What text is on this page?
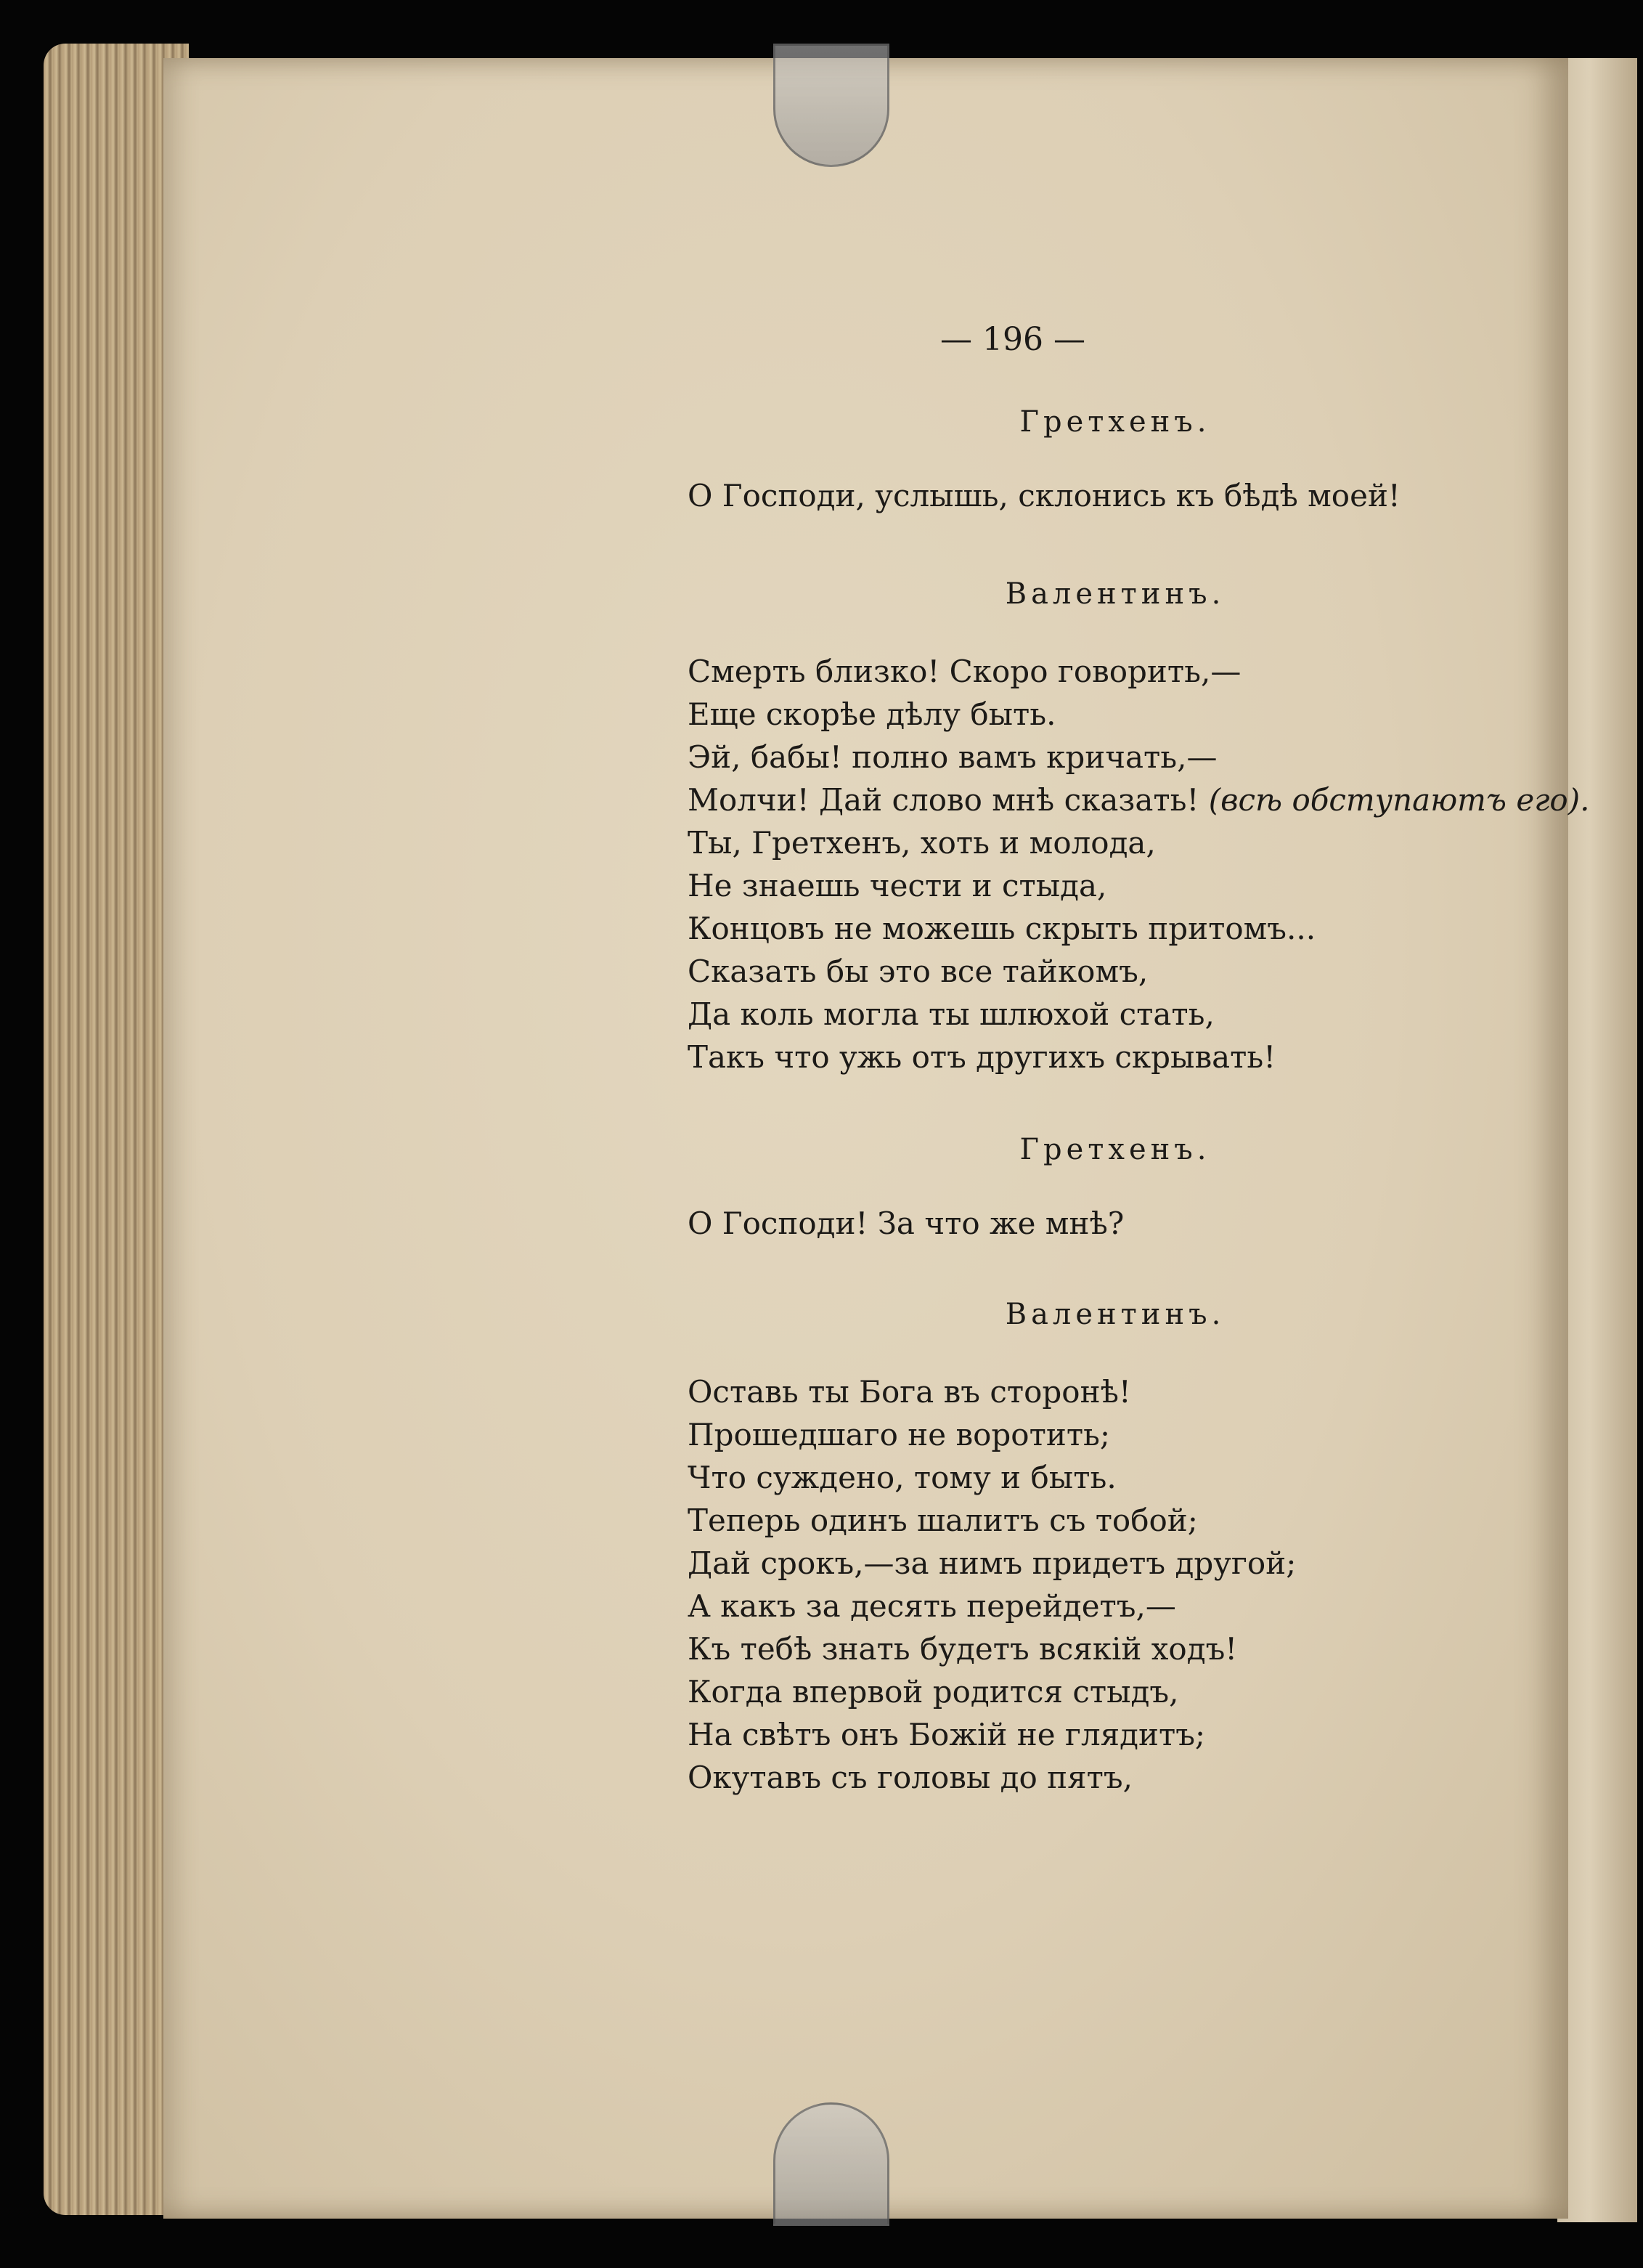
— 196 —
Гретхенъ.
О Господи, услышь, склонись къ бѣдѣ моей!
Валентинъ.
Смерть близко! Скоро говорить,—
Еще скорѣе дѣлу быть.
Эй, бабы! полно вамъ кричать,—
Молчи! Дай слово мнѣ сказать! (всѣ обступаютъ его).
Ты, Гретхенъ, хоть и молода,
Не знаешь чести и стыда,
Концовъ не можешь скрыть притомъ...
Сказать бы это все тайкомъ,
Да коль могла ты шлюхой стать,
Такъ что ужь отъ другихъ скрывать!
Гретхенъ.
О Господи! За что же мнѣ?
Валентинъ.
Оставь ты Бога въ сторонѣ!
Прошедшаго не воротить;
Что суждено, тому и быть.
Теперь одинъ шалитъ съ тобой;
Дай срокъ,—за нимъ придетъ другой;
А какъ за десять перейдетъ,—
Къ тебѣ знать будетъ всякій ходъ!
Когда впервой родится стыдъ,
На свѣтъ онъ Божій не глядитъ;
Окутавъ съ головы до пятъ,
